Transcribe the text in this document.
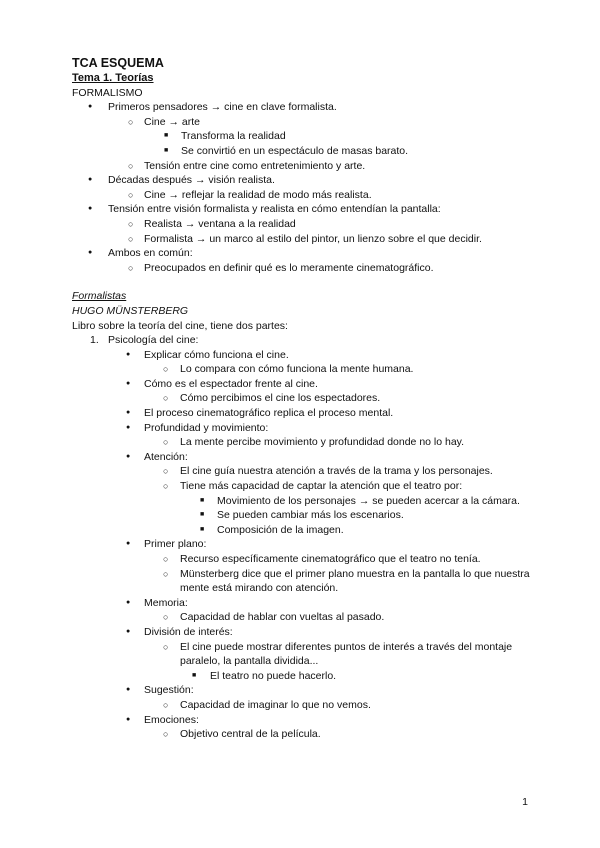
TCA ESQUEMA
Tema 1. Teorías
FORMALISMO
● Primeros pensadores → cine en clave formalista.
○ Cine → arte
■ Transforma la realidad
■ Se convirtió en un espectáculo de masas barato.
○ Tensión entre cine como entretenimiento y arte.
● Décadas después → visión realista.
○ Cine → reflejar la realidad de modo más realista.
● Tensión entre visión formalista y realista en cómo entendían la pantalla:
○ Realista → ventana a la realidad
○ Formalista → un marco al estilo del pintor, un lienzo sobre el que decidir.
● Ambos en común:
○ Preocupados en definir qué es lo meramente cinematográfico.
Formalistas
HUGO MÜNSTERBERG
Libro sobre la teoría del cine, tiene dos partes:
1. Psicología del cine:
● Explicar cómo funciona el cine.
○ Lo compara con cómo funciona la mente humana.
● Cómo es el espectador frente al cine.
○ Cómo percibimos el cine los espectadores.
● El proceso cinematográfico replica el proceso mental.
● Profundidad y movimiento:
○ La mente percibe movimiento y profundidad donde no lo hay.
● Atención:
○ El cine guía nuestra atención a través de la trama y los personajes.
○ Tiene más capacidad de captar la atención que el teatro por:
■ Movimiento de los personajes → se pueden acercar a la cámara.
■ Se pueden cambiar más los escenarios.
■ Composición de la imagen.
● Primer plano:
○ Recurso específicamente cinematográfico que el teatro no tenía.
○ Münsterberg dice que el primer plano muestra en la pantalla lo que nuestra mente está mirando con atención.
● Memoria:
○ Capacidad de hablar con vueltas al pasado.
● División de interés:
○ El cine puede mostrar diferentes puntos de interés a través del montaje paralelo, la pantalla dividida...
■ El teatro no puede hacerlo.
● Sugestión:
○ Capacidad de imaginar lo que no vemos.
● Emociones:
○ Objetivo central de la película.
1
